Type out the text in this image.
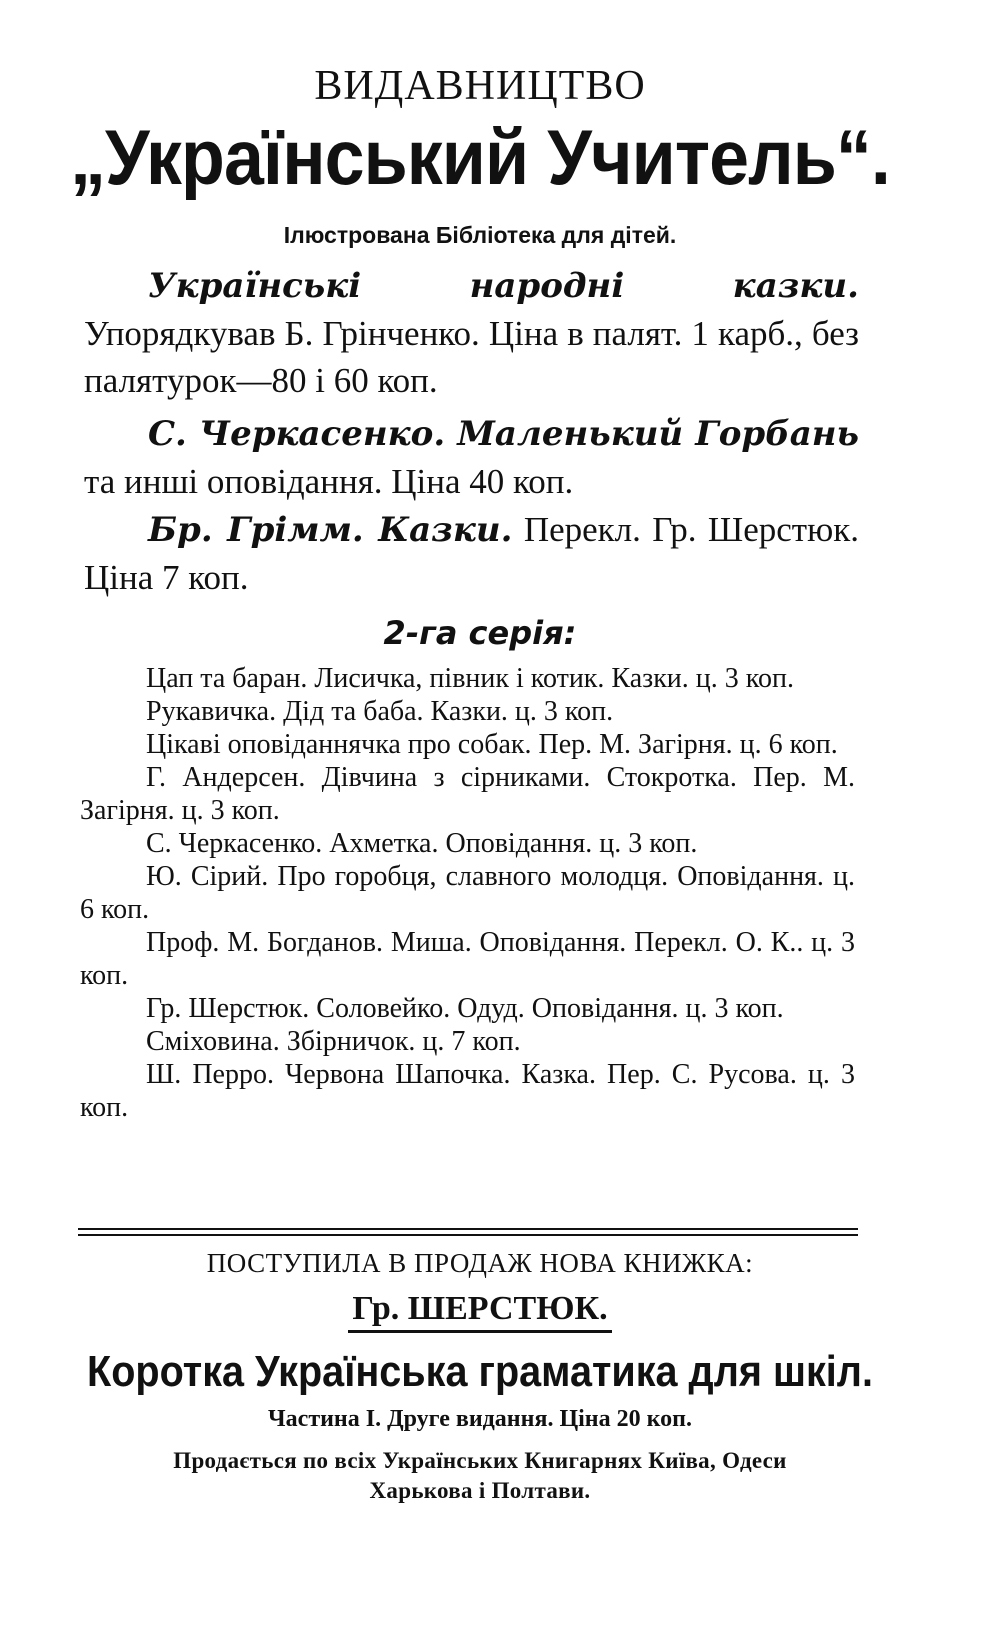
ВИДАВНИЦТВО
„Український Учитель“.
Ілюстрована Бібліотека для дітей.
Українські народні казки. Упорядкував Б. Грінченко. Ціна в палят. 1 карб., без палятурок—80 і 60 коп.
С. Черкасенко. Маленький Горбань та инші оповідання. Ціна 40 коп.
Бр. Грімм. Казки. Перекл. Гр. Шерстюк. Ціна 7 коп.
2-га серія:
Цап та баран. Лисичка, півник і котик. Казки. ц. 3 коп.
Рукавичка. Дід та баба. Казки. ц. 3 коп.
Цікаві оповіданнячка про собак. Пер. М. Загірня. ц. 6 коп.
Г. Андерсен. Дівчина з сірниками. Стокротка. Пер. М. Загірня. ц. 3 коп.
С. Черкасенко. Ахметка. Оповідання. ц. 3 коп.
Ю. Сірий. Про горобця, славного молодця. Оповідання. ц. 6 коп.
Проф. М. Богданов. Миша. Оповідання. Перекл. О. К.. ц. 3 коп.
Гр. Шерстюк. Соловейко. Одуд. Оповідання. ц. 3 коп.
Сміховина. Збірничок. ц. 7 коп.
Ш. Перро. Червона Шапочка. Казка. Пер. С. Русова. ц. 3 коп.
ПОСТУПИЛА В ПРОДАЖ НОВА КНИЖКА:
Гр. ШЕРСТЮК.
Коротка Українська граматика для шкіл.
Частина I. Друге видання. Ціна 20 коп.
Продається по всіх Українських Книгарнях Київа, Одеси
Харькова і Полтави.
